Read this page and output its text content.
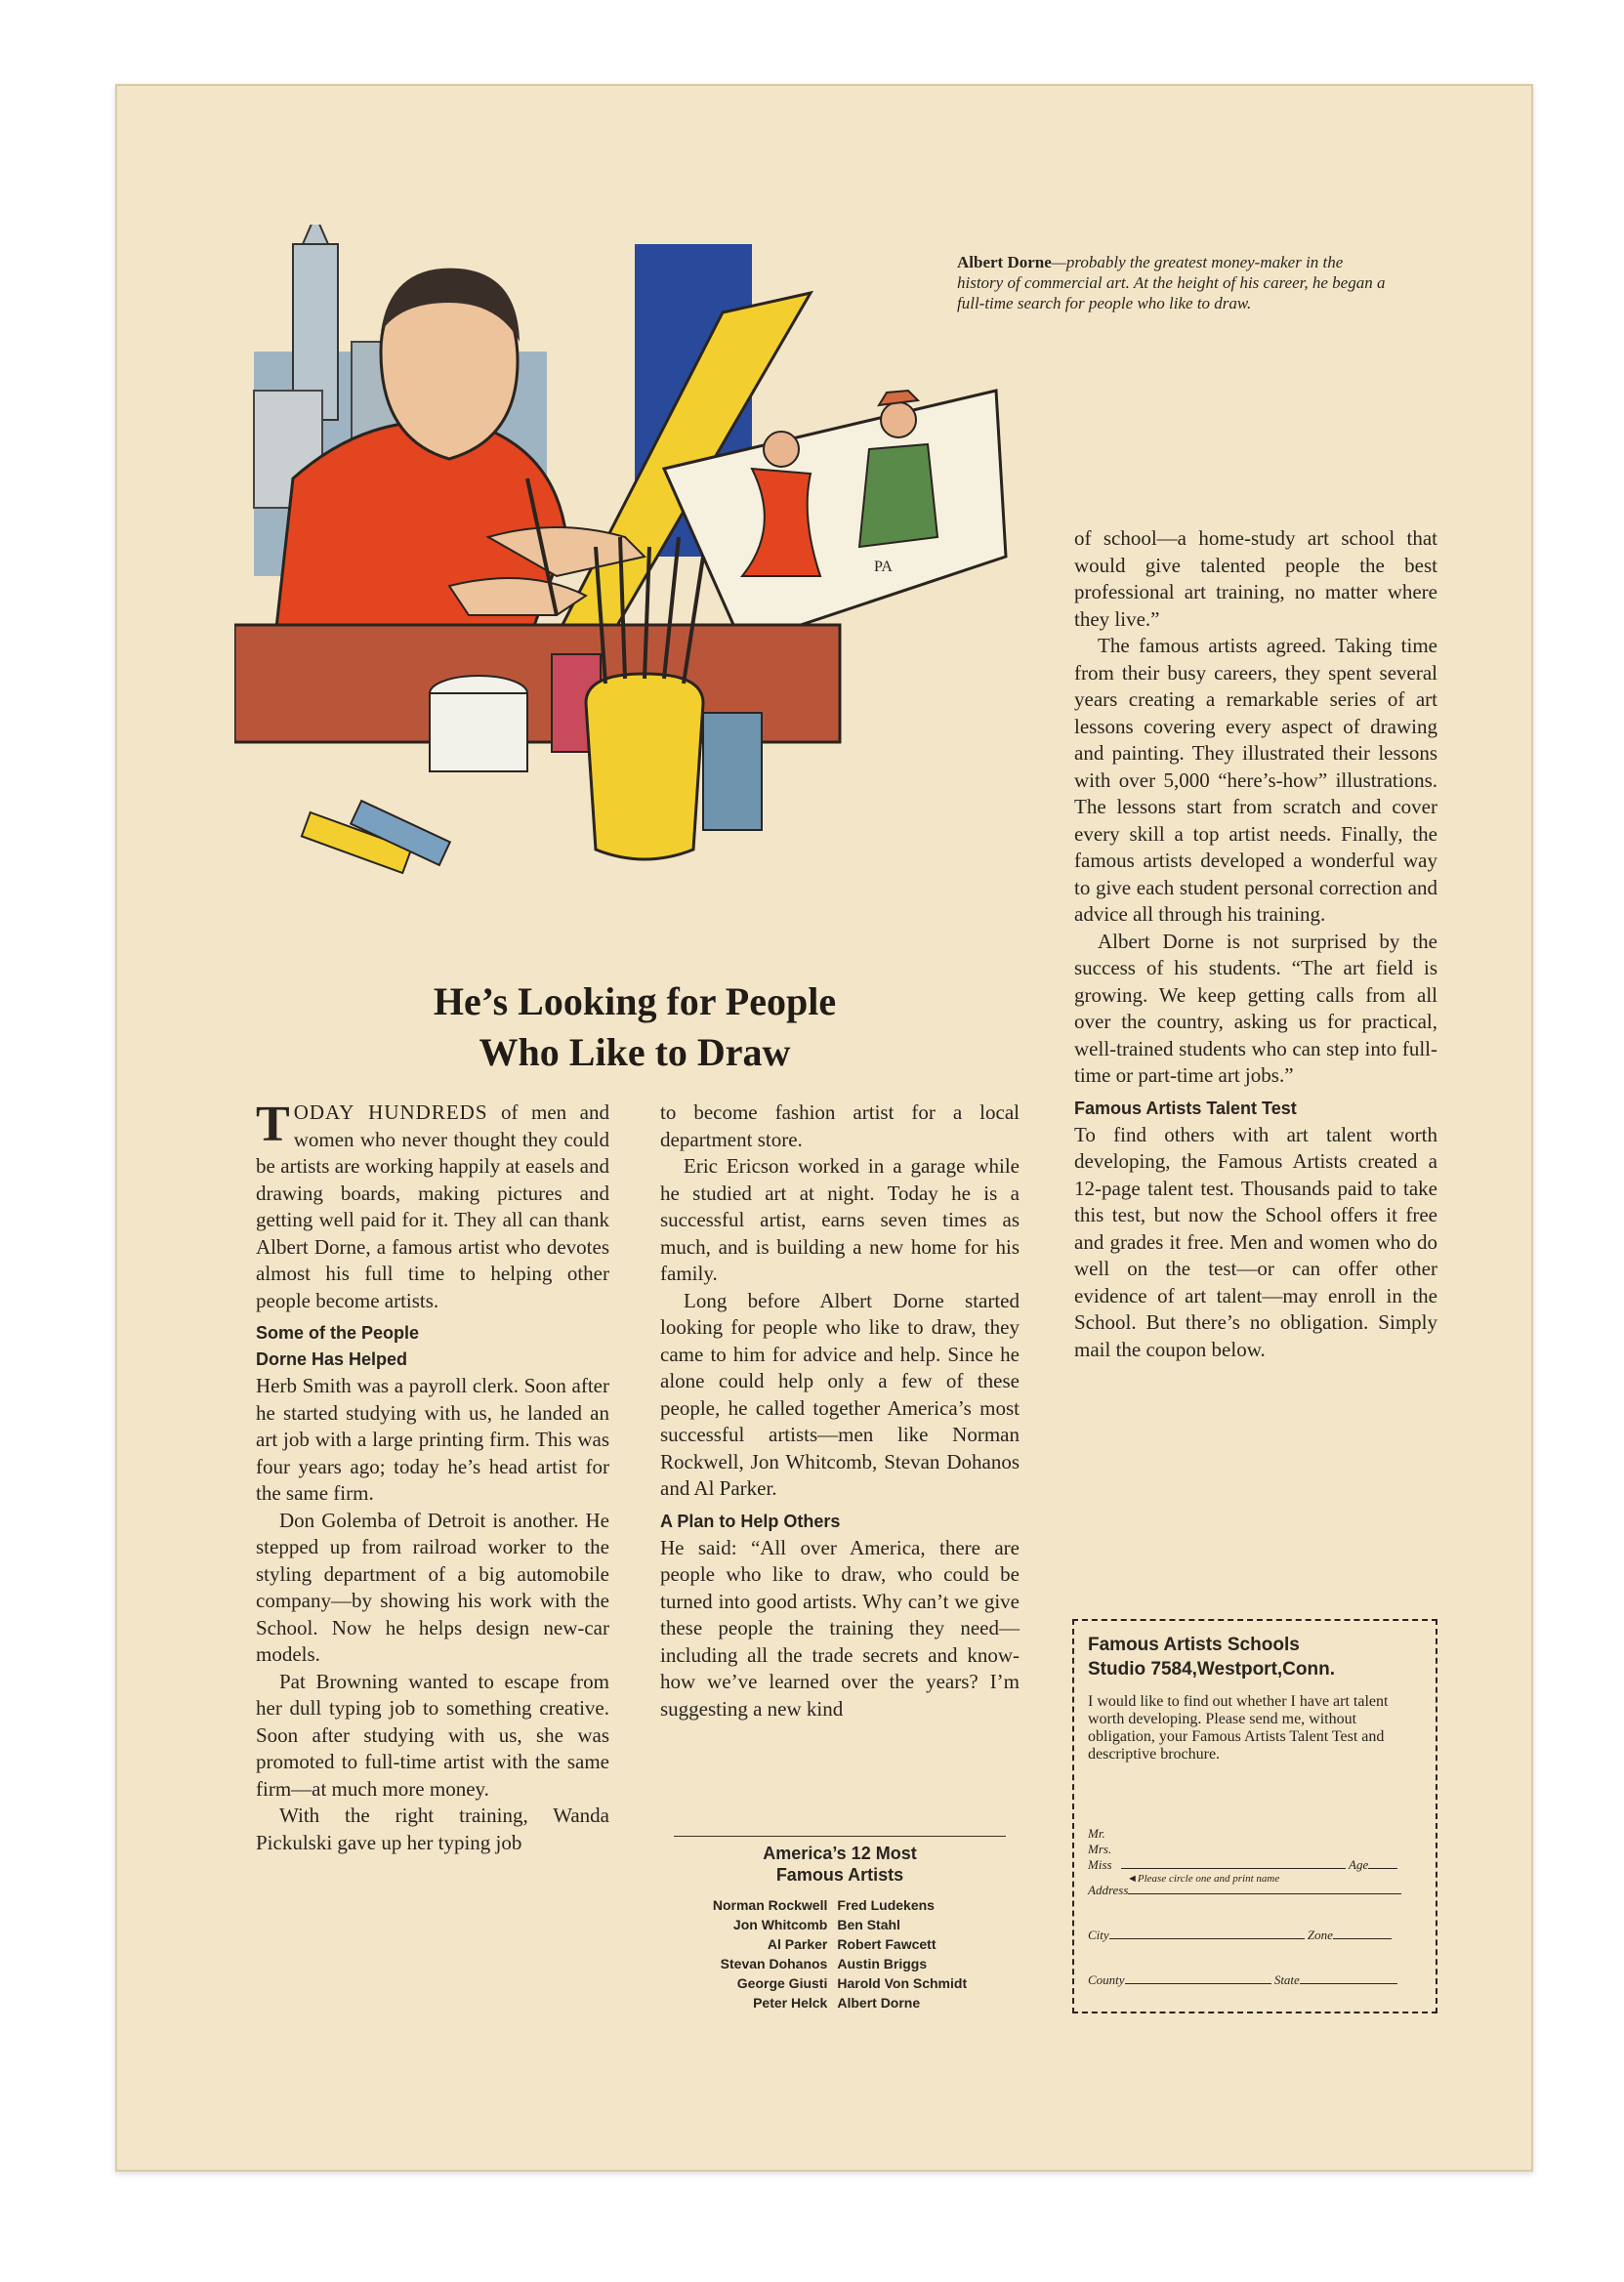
PA
Albert Dorne—probably the greatest money-maker in the history of commercial art. At the height of his career, he began a full-time search for people who like to draw.
He’s Looking for People
Who Like to Draw

TODAY HUNDREDS of men and women who never thought they could be artists are working happily at easels and drawing boards, making pictures and getting well paid for it. They all can thank Albert Dorne, a famous artist who devotes almost his full time to helping other people become artists.

Some of the People
Dorne Has Helped

Herb Smith was a payroll clerk. Soon after he started studying with us, he landed an art job with a large printing firm. This was four years ago; today he’s head artist for the same firm.

Don Golemba of Detroit is another. He stepped up from railroad worker to the styling department of a big automobile company—by showing his work with the School. Now he helps design new-car models.

Pat Browning wanted to escape from her dull typing job to something creative. Soon after studying with us, she was promoted to full-time artist with the same firm—at much more money.

With the right training, Wanda Pickulski gave up her typing job

to become fashion artist for a local department store.

Eric Ericson worked in a garage while he studied art at night. Today he is a successful artist, earns seven times as much, and is building a new home for his family.

Long before Albert Dorne started looking for people who like to draw, they came to him for advice and help. Since he alone could help only a few of these people, he called together America’s most successful artists—men like Norman Rockwell, Jon Whitcomb, Stevan Dohanos and Al Parker.

A Plan to Help Others

He said: “All over America, there are people who like to draw, who could be turned into good artists. Why can’t we give these people the training they need—including all the trade secrets and know-how we’ve learned over the years? I’m suggesting a new kind

America’s 12 Most
Famous Artists
Norman Rockwell	Fred Ludekens
Jon Whitcomb	Ben Stahl
Al Parker	Robert Fawcett
Stevan Dohanos	Austin Briggs
George Giusti	Harold Von Schmidt
Peter Helck	Albert Dorne

of school—a home-study art school that would give talented people the best professional art training, no matter where they live.”

The famous artists agreed. Taking time from their busy careers, they spent several years creating a remarkable series of art lessons covering every aspect of drawing and painting. They illustrated their lessons with over 5,000 “here’s-how” illustrations. The lessons start from scratch and cover every skill a top artist needs. Finally, the famous artists developed a wonderful way to give each student personal correction and advice all through his training.

Albert Dorne is not surprised by the success of his students. “The art field is growing. We keep getting calls from all over the country, asking us for practical, well-trained students who can step into full-time or part-time art jobs.”

Famous Artists Talent Test

To find others with art talent worth developing, the Famous Artists created a 12-page talent test. Thousands paid to take this test, but now the School offers it free and grades it free. Men and women who do well on the test—or can offer other evidence of art talent—may enroll in the School. But there’s no obligation. Simply mail the coupon below.

Famous Artists Schools
Studio 7584,Westport,Conn.
I would like to find out whether I have art talent worth developing. Please send me, without obligation, your Famous Artists Talent Test and descriptive brochure.
Mr. Mrs. Miss	Age
◄Please circle one and print name
Address
City	Zone
County	State
